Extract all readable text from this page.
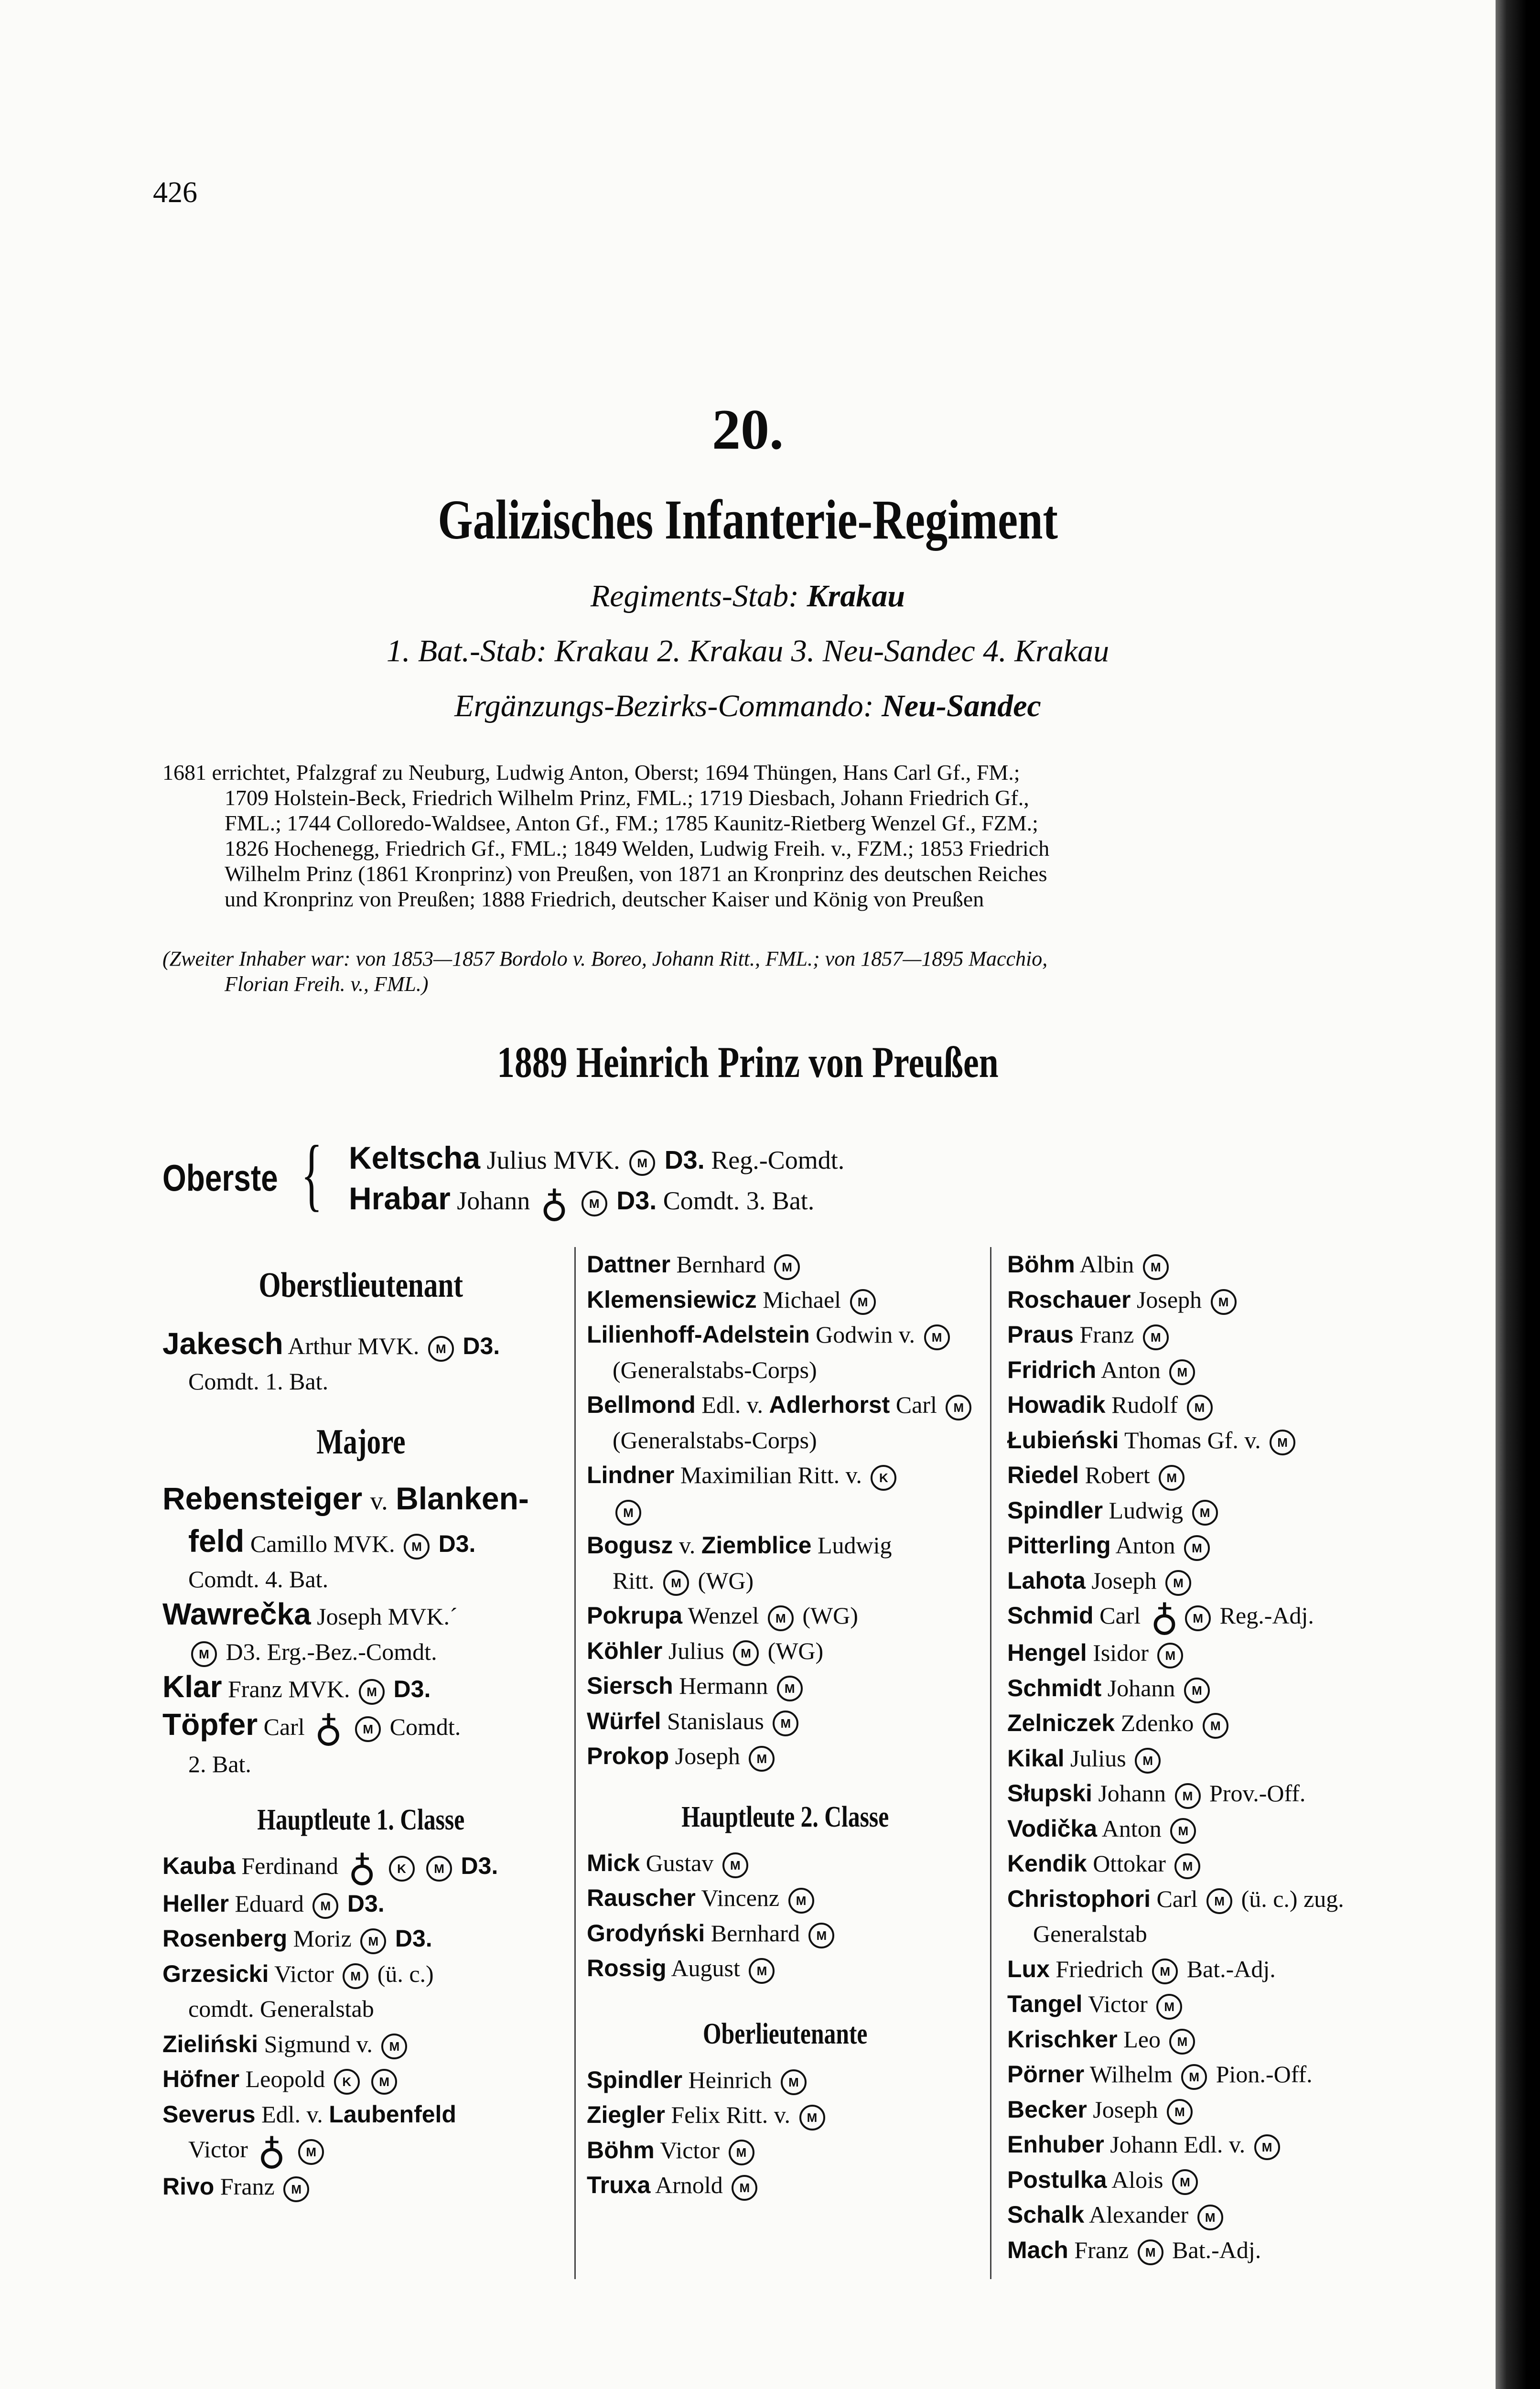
426
20.
Galizisches Infanterie-Regiment
Regiments-Stab: Krakau
1. Bat.-Stab: Krakau 2. Krakau 3. Neu-Sandec 4. Krakau
Ergänzungs-Bezirks-Commando: Neu-Sandec
1681 errichtet, Pfalzgraf zu Neuburg, Ludwig Anton, Oberst; 1694 Thüngen, Hans Carl Gf., FM.;
1709 Holstein-Beck, Friedrich Wilhelm Prinz, FML.; 1719 Diesbach, Johann Friedrich Gf.,
FML.; 1744 Colloredo-Waldsee, Anton Gf., FM.; 1785 Kaunitz-Rietberg Wenzel Gf., FZM.;
1826 Hochenegg, Friedrich Gf., FML.; 1849 Welden, Ludwig Freih. v., FZM.; 1853 Friedrich
Wilhelm Prinz (1861 Kronprinz) von Preußen, von 1871 an Kronprinz des deutschen Reiches
und Kronprinz von Preußen; 1888 Friedrich, deutscher Kaiser und König von Preußen
(Zweiter Inhaber war: von 1853—1857 Bordolo v. Boreo, Johann Ritt., FML.; von 1857—1895 Macchio,
Florian Freih. v., FML.)
1889 Heinrich Prinz von Preußen
Oberste { Keltscha Julius MVK. M D3. Reg.-Comdt.
Hrabar Johann ♁ M D3. Comdt. 3. Bat.
Oberstlieutenant
Jakesch Arthur MVK. M D3.
Comdt. 1. Bat.
Majore
Rebensteiger v. Blanken-
feld Camillo MVK. M D3.
Comdt. 4. Bat.
Wawrečka Joseph MVK.´
M D3. Erg.-Bez.-Comdt.
Klar Franz MVK. M D3.
Töpfer Carl ♁ M Comdt.
2. Bat.
Hauptleute 1. Classe
Kauba Ferdinand ♁ K M D3.
Heller Eduard M D3.
Rosenberg Moriz M D3.
Grzesicki Victor M (ü. c.)
comdt. Generalstab
Zieliński Sigmund v. M
Höfner Leopold K M
Severus Edl. v. Laubenfeld
Victor ♁ M
Rivo Franz M
Dattner Bernhard M
Klemensiewicz Michael M
Lilienhoff-Adelstein Godwin v. M
(Generalstabs-Corps)
Bellmond Edl. v. Adlerhorst Carl M
(Generalstabs-Corps)
Lindner Maximilian Ritt. v. K
M
Bogusz v. Ziemblice Ludwig
Ritt. M (WG)
Pokrupa Wenzel M (WG)
Köhler Julius M (WG)
Siersch Hermann M
Würfel Stanislaus M
Prokop Joseph M
Hauptleute 2. Classe
Mick Gustav M
Rauscher Vincenz M
Grodyński Bernhard M
Rossig August M
Oberlieutenante
Spindler Heinrich M
Ziegler Felix Ritt. v. M
Böhm Victor M
Truxa Arnold M
Böhm Albin M
Roschauer Joseph M
Praus Franz M
Fridrich Anton M
Howadik Rudolf M
Łubieński Thomas Gf. v. M
Riedel Robert M
Spindler Ludwig M
Pitterling Anton M
Lahota Joseph M
Schmid Carl ♁ M Reg.-Adj.
Hengel Isidor M
Schmidt Johann M
Zelniczek Zdenko M
Kikal Julius M
Słupski Johann M Prov.-Off.
Vodička Anton M
Kendik Ottokar M
Christophori Carl M (ü. c.) zug.
Generalstab
Lux Friedrich M Bat.-Adj.
Tangel Victor M
Krischker Leo M
Pörner Wilhelm M Pion.-Off.
Becker Joseph M
Enhuber Johann Edl. v. M
Postulka Alois M
Schalk Alexander M
Mach Franz M Bat.-Adj.
